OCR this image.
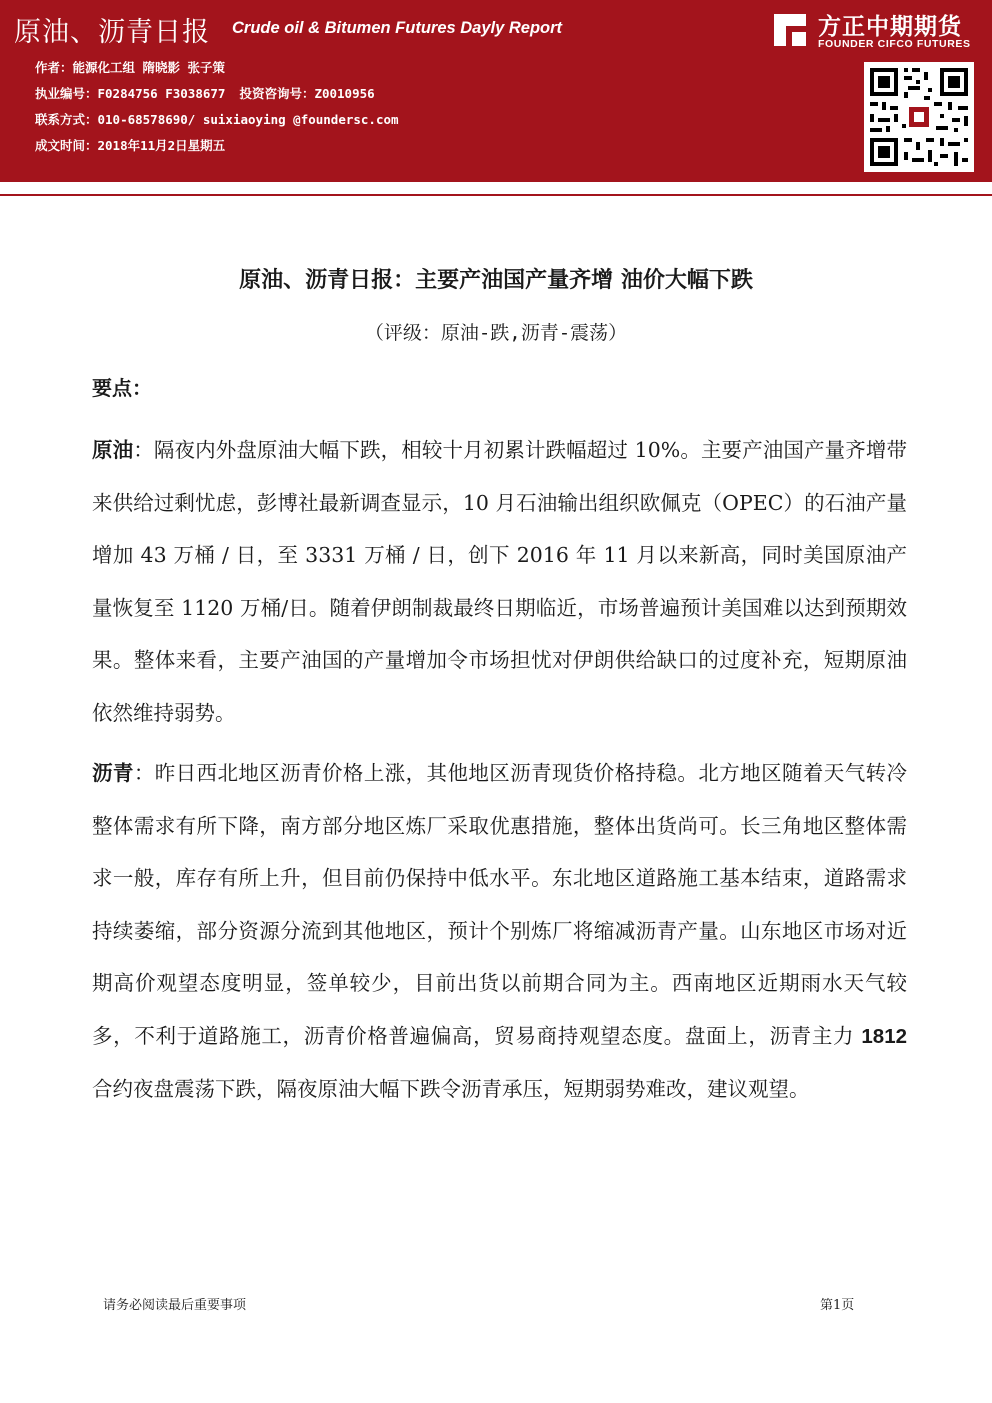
原油、沥青日报 Crude oil & Bitumen Futures Dayly Report
作者：能源化工组 隋晓影 张子策
执业编号：F0284756 F3038677 投资咨询号：Z0010956
联系方式：010-68578690/ suixiaoying @foundersc.com
成文时间：2018年11月2日星期五
方正中期期货
FOUNDER CIFCO FUTURES
原油、沥青日报：主要产油国产量齐增 油价大幅下跌
（评级：原油-跌,沥青-震荡）
要点：

原油：隔夜内外盘原油大幅下跌，相较十月初累计跌幅超过 10%。主要产油国产量齐增带来供给过剩忧虑，彭博社最新调查显示，10 月石油输出组织欧佩克（OPEC）的石油产量增加 43 万桶 / 日，至 3331 万桶 / 日，创下 2016 年 11 月以来新高，同时美国原油产量恢复至 1120 万桶/日。随着伊朗制裁最终日期临近，市场普遍预计美国难以达到预期效果。整体来看，主要产油国的产量增加令市场担忧对伊朗供给缺口的过度补充，短期原油依然维持弱势。

沥青：昨日西北地区沥青价格上涨，其他地区沥青现货价格持稳。北方地区随着天气转冷整体需求有所下降，南方部分地区炼厂采取优惠措施，整体出货尚可。长三角地区整体需求一般，库存有所上升，但目前仍保持中低水平。东北地区道路施工基本结束，道路需求持续萎缩，部分资源分流到其他地区，预计个别炼厂将缩减沥青产量。山东地区市场对近期高价观望态度明显，签单较少，目前出货以前期合同为主。西南地区近期雨水天气较多，不利于道路施工，沥青价格普遍偏高，贸易商持观望态度。盘面上，沥青主力 1812 合约夜盘震荡下跌，隔夜原油大幅下跌令沥青承压，短期弱势难改，建议观望。

请务必阅读最后重要事项	第1页
